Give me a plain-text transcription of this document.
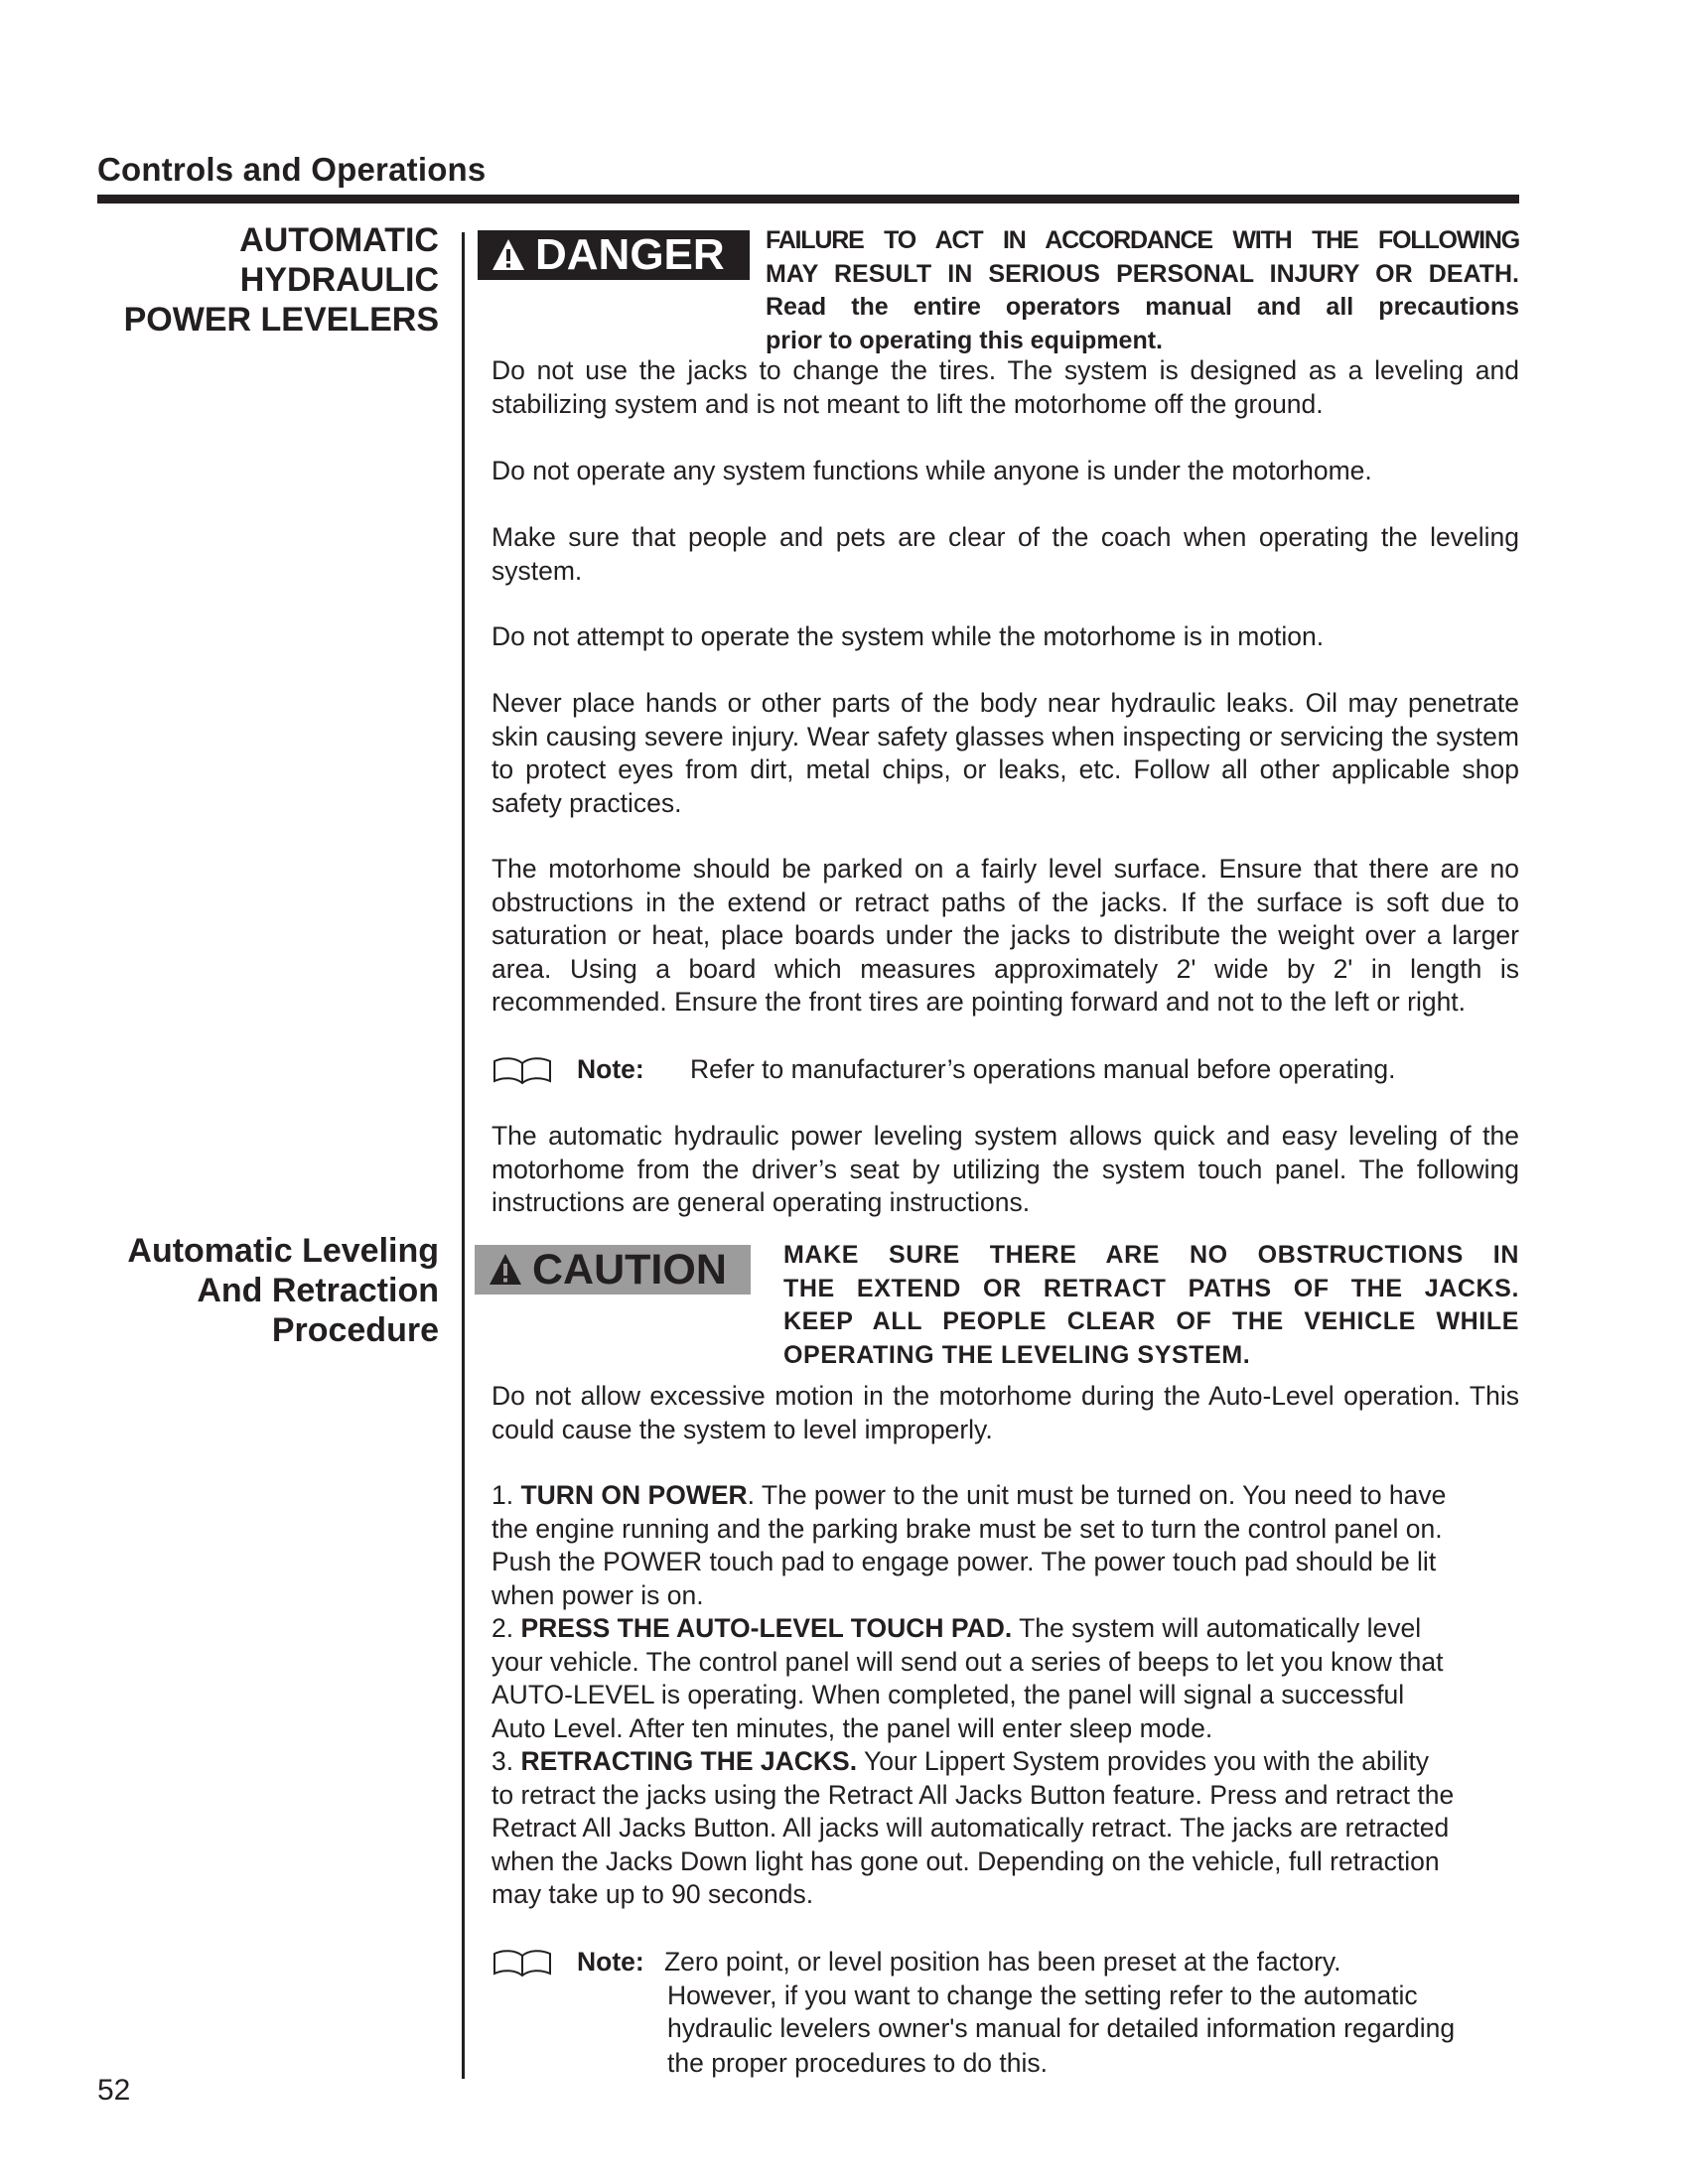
Controls and Operations
AUTOMATIC
HYDRAULIC
POWER LEVELERS
Automatic Leveling
And Retraction
Procedure
DANGER FAILURE TO ACT IN ACCORDANCE WITH THE FOLLOWING
MAY RESULT IN SERIOUS PERSONAL INJURY OR DEATH.
Read the entire operators manual and all precautions
prior to operating this equipment.

Do not use the jacks to change the tires. The system is designed as a leveling and stabilizing system and is not meant to lift the motorhome off the ground.

Do not operate any system functions while anyone is under the motorhome.

Make sure that people and pets are clear of the coach when operating the leveling system.

Do not attempt to operate the system while the motorhome is in motion.

Never place hands or other parts of the body near hydraulic leaks. Oil may penetrate skin causing severe injury. Wear safety glasses when inspecting or servicing the system to protect eyes from dirt, metal chips, or leaks, etc. Follow all other applicable shop safety practices.

The motorhome should be parked on a fairly level surface. Ensure that there are no obstructions in the extend or retract paths of the jacks. If the surface is soft due to saturation or heat, place boards under the jacks to distribute the weight over a larger area. Using a board which measures approximately 2' wide by 2' in length is recommended. Ensure the front tires are pointing forward and not to the left or right.

Note: Refer to manufacturer’s operations manual before operating.

The automatic hydraulic power leveling system allows quick and easy leveling of the motorhome from the driver’s seat by utilizing the system touch panel. The following instructions are general operating instructions.

CAUTION MAKE SURE THERE ARE NO OBSTRUCTIONS IN
THE EXTEND OR RETRACT PATHS OF THE JACKS.
KEEP ALL PEOPLE CLEAR OF THE VEHICLE WHILE
OPERATING THE LEVELING SYSTEM.

Do not allow excessive motion in the motorhome during the Auto-Level operation. This could cause the system to level improperly.

1. TURN ON POWER. The power to the unit must be turned on. You need to have
the engine running and the parking brake must be set to turn the control panel on.
Push the POWER touch pad to engage power. The power touch pad should be lit
when power is on.
2. PRESS THE AUTO-LEVEL TOUCH PAD. The system will automatically level
your vehicle. The control panel will send out a series of beeps to let you know that
AUTO-LEVEL is operating. When completed, the panel will signal a successful
Auto Level. After ten minutes, the panel will enter sleep mode.
3. RETRACTING THE JACKS. Your Lippert System provides you with the ability
to retract the jacks using the Retract All Jacks Button feature. Press and retract the
Retract All Jacks Button. All jacks will automatically retract. The jacks are retracted
when the Jacks Down light has gone out. Depending on the vehicle, full retraction
may take up to 90 seconds.
Note: Zero point, or level position has been preset at the factory.
However, if you want to change the setting refer to the automatic
hydraulic levelers owner's manual for detailed information regarding
the proper procedures to do this.
52
